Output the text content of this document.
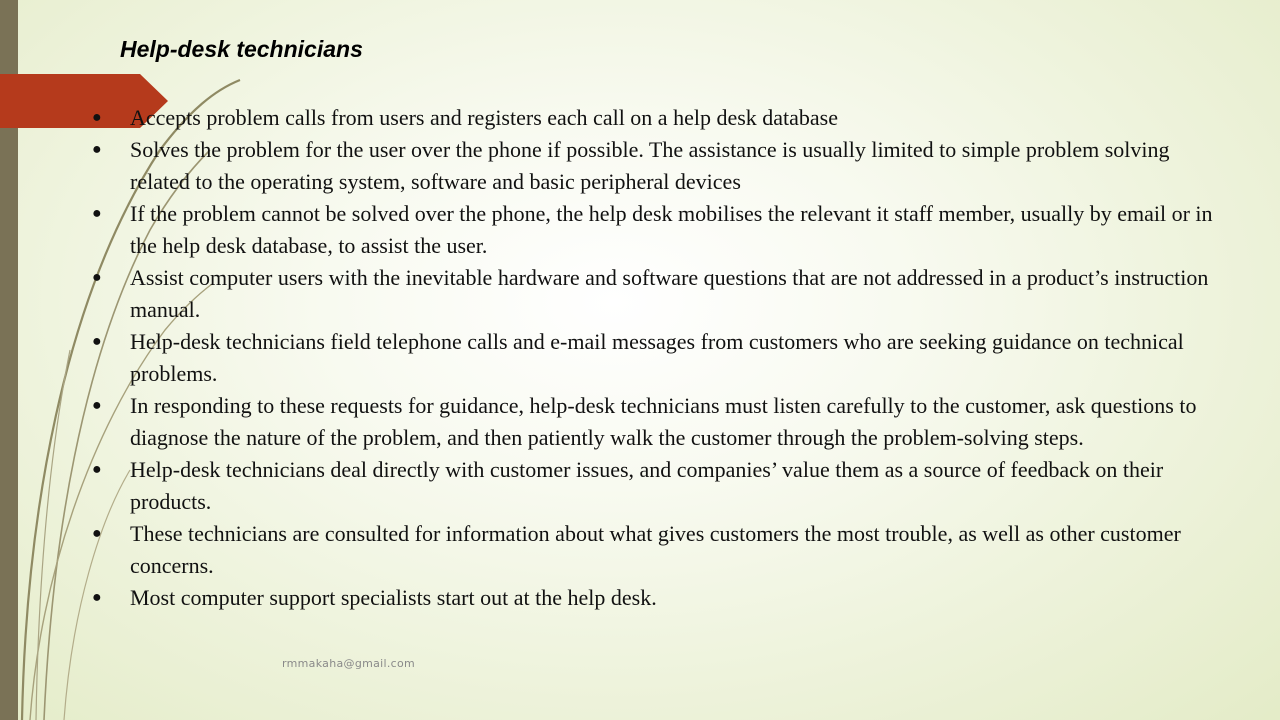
Help-desk technicians
●	Accepts problem calls from users and registers each call on a help desk database
●	Solves the problem for the user over the phone if possible. The assistance is usually limited to simple problem solving related to the operating system, software and basic peripheral devices
●	If the problem cannot be solved over the phone, the help desk mobilises the relevant it staff member, usually by email or in the help desk database, to assist the user.
●	Assist computer users with the inevitable hardware and software questions that are not addressed in a product’s instruction manual.
●	Help-desk technicians field telephone calls and e-mail messages from customers who are seeking guidance on technical problems.
●	In responding to these requests for guidance, help-desk technicians must listen carefully to the customer, ask questions to diagnose the nature of the problem, and then patiently walk the customer through the problem-solving steps.
●	Help-desk technicians deal directly with customer issues, and companies’ value them as a source of feedback on their products.
●	These technicians are consulted for information about what gives customers the most trouble, as well as other customer concerns.
●	Most computer support specialists start out at the help desk.
rmmakaha@gmail.com
